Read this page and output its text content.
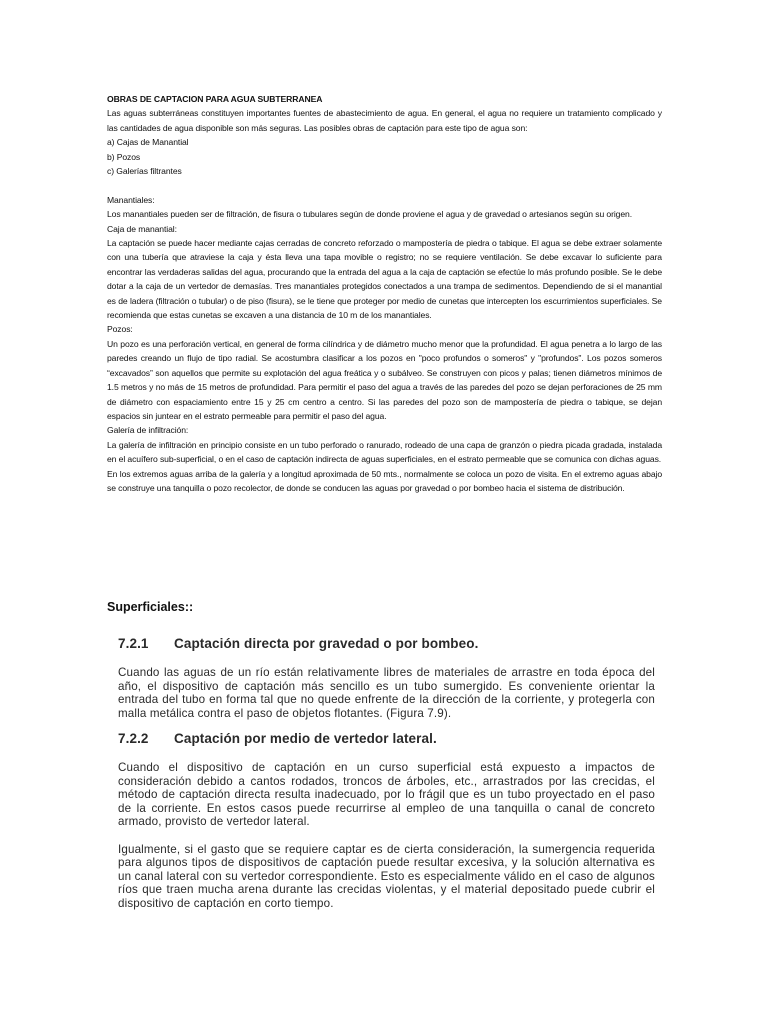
OBRAS DE CAPTACION PARA AGUA SUBTERRANEA

Las aguas subterráneas constituyen importantes fuentes de abastecimiento de agua. En general, el agua no requiere un tratamiento complicado y las cantidades de agua disponible son más seguras. Las posibles obras de captación para este tipo de agua son:

a) Cajas de Manantial

b) Pozos

c) Galerías filtrantes

Manantiales:

Los manantiales pueden ser de filtración, de fisura o tubulares según de donde proviene el agua y de gravedad o artesianos según su origen.

Caja de manantial:

La captación se puede hacer mediante cajas cerradas de concreto reforzado o mampostería de piedra o tabique. El agua se debe extraer solamente con una tubería que atraviese la caja y ésta lleva una tapa movible o registro; no se requiere ventilación. Se debe excavar lo suficiente para encontrar las verdaderas salidas del agua, procurando que la entrada del agua a la caja de captación se efectúe lo más profundo posible. Se le debe dotar a la caja de un vertedor de demasías. Tres manantiales protegidos conectados a una trampa de sedimentos. Dependiendo de si el manantial es de ladera (filtración o tubular) o de piso (fisura), se le tiene que proteger por medio de cunetas que intercepten los escurrimientos superficiales. Se recomienda que estas cunetas se excaven a una distancia de 10 m de los manantiales.

Pozos:

Un pozo es una perforación vertical, en general de forma cilíndrica y de diámetro mucho menor que la profundidad. El agua penetra a lo largo de las paredes creando un flujo de tipo radial. Se acostumbra clasificar a los pozos en "poco profundos o someros" y "profundos". Los pozos someros “excavados” son aquellos que permite su explotación del agua freática y o subálveo. Se construyen con picos y palas; tienen diámetros mínimos de 1.5 metros y no más de 15 metros de profundidad. Para permitir el paso del agua a través de las paredes del pozo se dejan perforaciones de 25 mm de diámetro con espaciamiento entre 15 y 25 cm centro a centro. Si las paredes del pozo son de mampostería de piedra o tabique, se dejan espacios sin juntear en el estrato permeable para permitir el paso del agua.

Galería de infiltración:

La galería de infiltración en principio consiste en un tubo perforado o ranurado, rodeado de una capa de granzón o piedra picada gradada, instalada en el acuífero sub-superficial, o en el caso de captación indirecta de aguas superficiales, en el estrato permeable que se comunica con dichas aguas.

En los extremos aguas arriba de la galería y a longitud aproximada de 50 mts., normalmente se coloca un pozo de visita. En el extremo aguas abajo se construye una tanquilla o pozo recolector, de donde se conducen las aguas por gravedad o por bombeo hacia el sistema de distribución.

Superficiales::
7.2.1 Captación directa por gravedad o por bombeo.

Cuando las aguas de un río están relativamente libres de materiales de arrastre en toda época del año, el dispositivo de captación más sencillo es un tubo sumergido. Es conveniente orientar la entrada del tubo en forma tal que no quede enfrente de la dirección de la corriente, y protegerla con malla metálica contra el paso de objetos flotantes. (Figura 7.9).

7.2.2 Captación por medio de vertedor lateral.

Cuando el dispositivo de captación en un curso superficial está expuesto a impactos de consideración debido a cantos rodados, troncos de árboles, etc., arrastrados por las crecidas, el método de captación directa resulta inadecuado, por lo frágil que es un tubo proyectado en el paso de la corriente. En estos casos puede recurrirse al empleo de una tanquilla o canal de concreto armado, provisto de vertedor lateral.

Igualmente, si el gasto que se requiere captar es de cierta consideración, la sumergencia requerida para algunos tipos de dispositivos de captación puede resultar excesiva, y la solución alternativa es un canal lateral con su vertedor correspondiente. Esto es especialmente válido en el caso de algunos ríos que traen mucha arena durante las crecidas violentas, y el material depositado puede cubrir el dispositivo de captación en corto tiempo.
